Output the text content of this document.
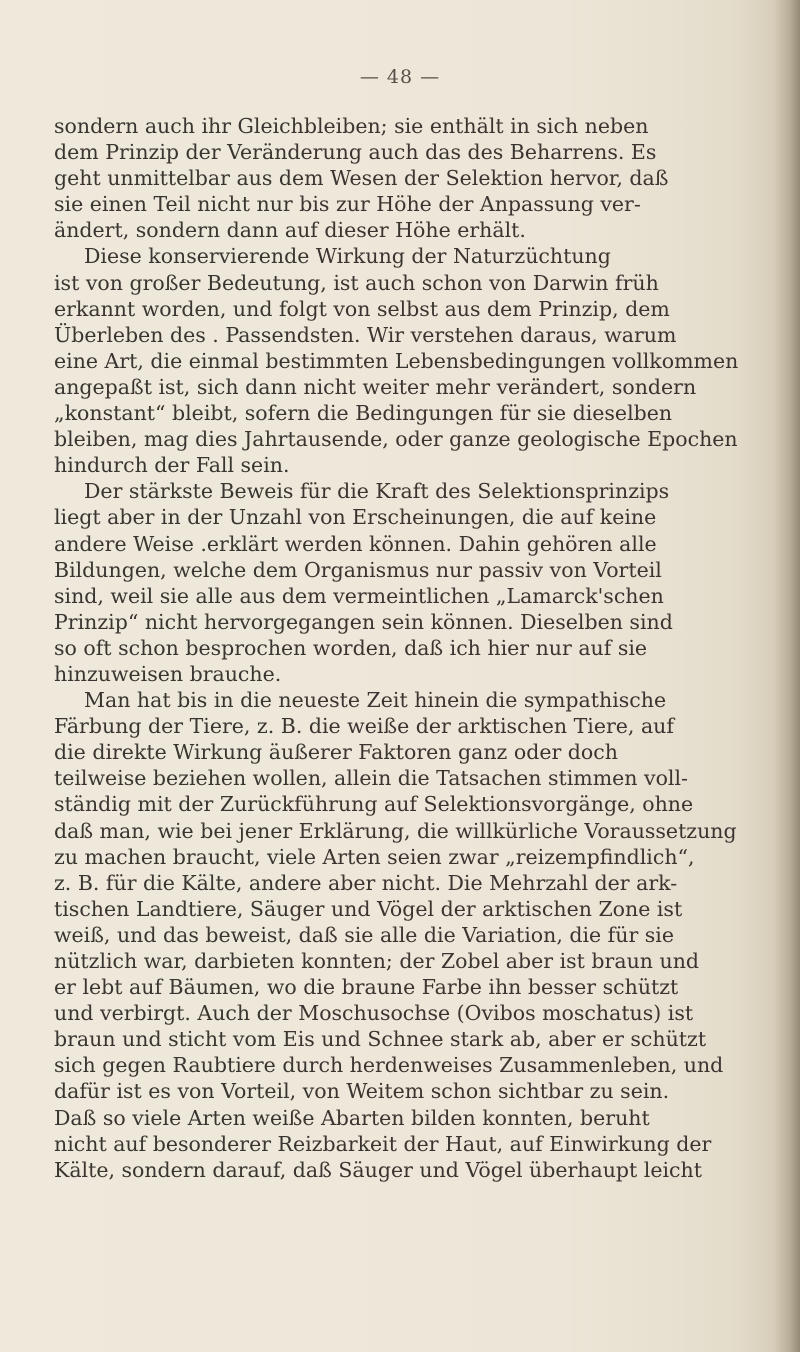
— 48 —
sondern auch ihr Gleichbleiben; sie enthält in sich neben
dem Prinzip der Veränderung auch das des Beharrens. Es
geht unmittelbar aus dem Wesen der Selektion hervor, daß
sie einen Teil nicht nur bis zur Höhe der Anpassung ver-
ändert, sondern dann auf dieser Höhe erhält.
Diese konservierende Wirkung der Naturzüchtung
ist von großer Bedeutung, ist auch schon von Darwin früh
erkannt worden, und folgt von selbst aus dem Prinzip, dem
Überleben des . Passendsten. Wir verstehen daraus, warum
eine Art, die einmal bestimmten Lebensbedingungen vollkommen
angepaßt ist, sich dann nicht weiter mehr verändert, sondern
„konstant“ bleibt, sofern die Bedingungen für sie dieselben
bleiben, mag dies Jahrtausende, oder ganze geologische Epochen
hindurch der Fall sein.
Der stärkste Beweis für die Kraft des Selektionsprinzips
liegt aber in der Unzahl von Erscheinungen, die auf keine
andere Weise .erklärt werden können. Dahin gehören alle
Bildungen, welche dem Organismus nur passiv von Vorteil
sind, weil sie alle aus dem vermeintlichen „Lamarck'schen
Prinzip“ nicht hervorgegangen sein können. Dieselben sind
so oft schon besprochen worden, daß ich hier nur auf sie
hinzuweisen brauche.
Man hat bis in die neueste Zeit hinein die sympathische
Färbung der Tiere, z. B. die weiße der arktischen Tiere, auf
die direkte Wirkung äußerer Faktoren ganz oder doch
teilweise beziehen wollen, allein die Tatsachen stimmen voll-
ständig mit der Zurückführung auf Selektionsvorgänge, ohne
daß man, wie bei jener Erklärung, die willkürliche Voraussetzung
zu machen braucht, viele Arten seien zwar „reizempfindlich“,
z. B. für die Kälte, andere aber nicht. Die Mehrzahl der ark-
tischen Landtiere, Säuger und Vögel der arktischen Zone ist
weiß, und das beweist, daß sie alle die Variation, die für sie
nützlich war, darbieten konnten; der Zobel aber ist braun und
er lebt auf Bäumen, wo die braune Farbe ihn besser schützt
und verbirgt. Auch der Moschusochse (Ovibos moschatus) ist
braun und sticht vom Eis und Schnee stark ab, aber er schützt
sich gegen Raubtiere durch herdenweises Zusammenleben, und
dafür ist es von Vorteil, von Weitem schon sichtbar zu sein.
Daß so viele Arten weiße Abarten bilden konnten, beruht
nicht auf besonderer Reizbarkeit der Haut, auf Einwirkung der
Kälte, sondern darauf, daß Säuger und Vögel überhaupt leicht
